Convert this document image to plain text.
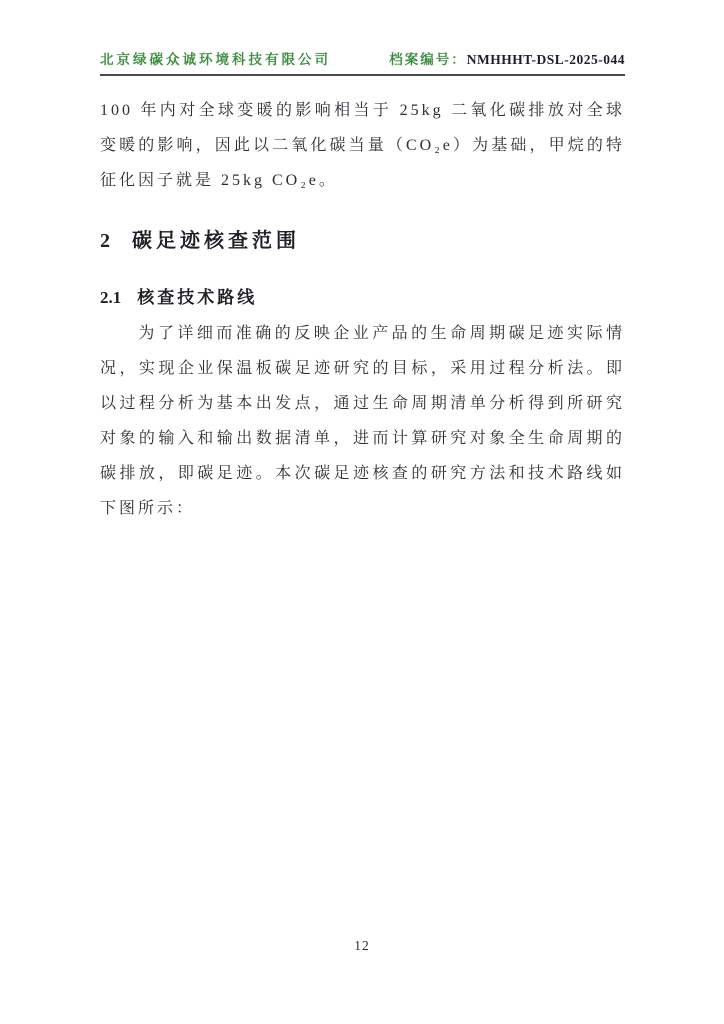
北京绿碳众诚环境科技有限公司	档案编号：NMHHHT-DSL-2025-044

100 年内对全球变暖的影响相当于 25kg 二氧化碳排放对全球变暖的影响，因此以二氧化碳当量（CO₂e）为基础，甲烷的特征化因子就是 25kg CO₂e。

2 碳足迹核查范围
2.1 核查技术路线

为了详细而准确的反映企业产品的生命周期碳足迹实际情况，实现企业保温板碳足迹研究的目标，采用过程分析法。即以过程分析为基本出发点，通过生命周期清单分析得到所研究对象的输入和输出数据清单，进而计算研究对象全生命周期的碳排放，即碳足迹。本次碳足迹核查的研究方法和技术路线如下图所示：

12
